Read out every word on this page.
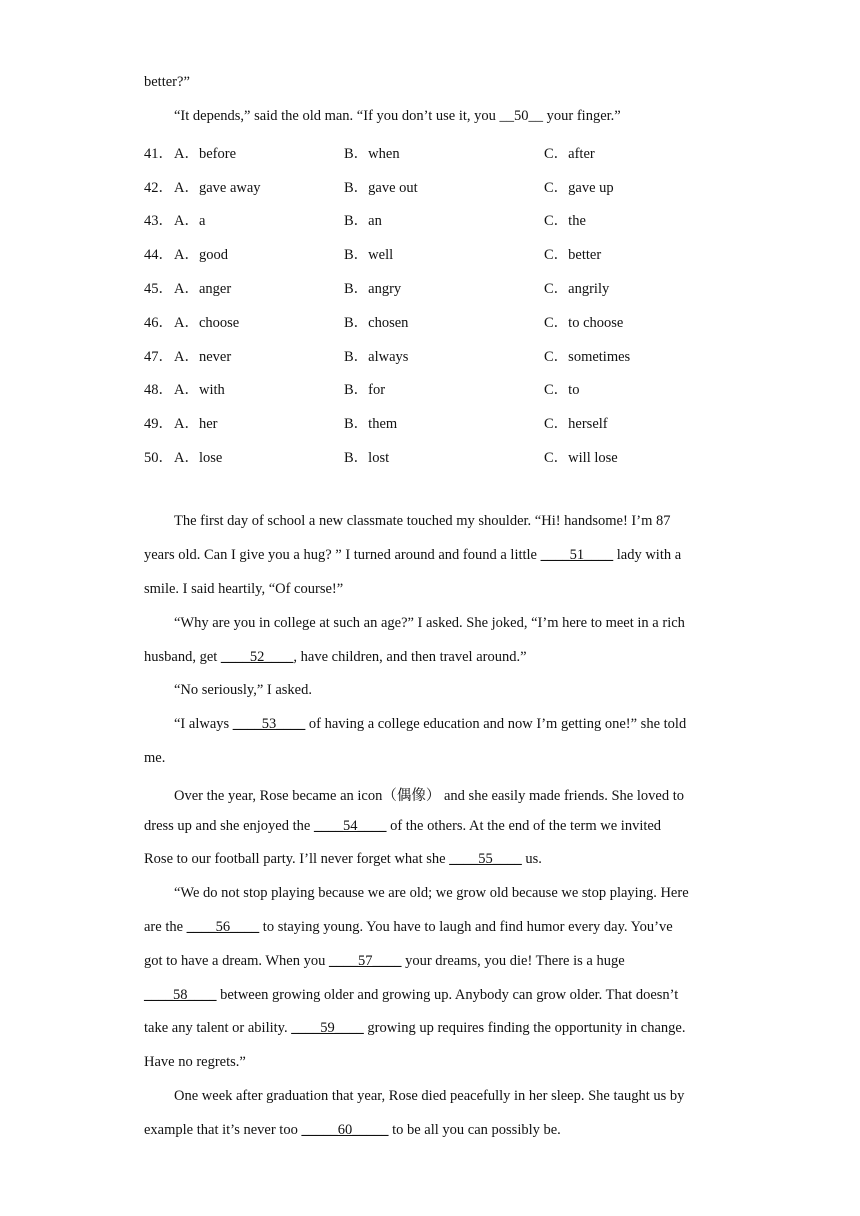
better?”
“It depends,” said the old man. “If you don’t use it, you __50__ your finger.”
41． A．before	B．when	C．after
42． A．gave away	B．gave out	C．gave up
43． A．a	B．an	C．the
44． A．good	B．well	C．better
45． A．anger	B．angry	C．angrily
46． A．choose	B．chosen	C．to choose
47． A．never	B．always	C．sometimes
48． A．with	B．for	C．to
49． A．her	B．them	C．herself
50． A．lose	B．lost	C．will lose
The first day of school a new classmate touched my shoulder. “Hi! handsome! I’m 87
years old. Can I give you a hug? ” I turned around and found a little ____51____ lady with a
smile. I said heartily, “Of course!”
“Why are you in college at such an age?” I asked. She joked, “I’m here to meet in a rich
husband, get ____52____, have children, and then travel around.”
“No seriously,” I asked.
“I always ____53____ of having a college education and now I’m getting one!” she told
me.
Over the year, Rose became an icon（偶像） and she easily made friends. She loved to
dress up and she enjoyed the ____54____ of the others. At the end of the term we invited
Rose to our football party. I’ll never forget what she ____55____ us.
“We do not stop playing because we are old; we grow old because we stop playing. Here
are the ____56____ to staying young. You have to laugh and find humor every day. You’ve
got to have a dream. When you ____57____ your dreams, you die! There is a huge
____58____ between growing older and growing up. Anybody can grow older. That doesn’t
take any talent or ability. ____59____ growing up requires finding the opportunity in change.
Have no regrets.”
One week after graduation that year, Rose died peacefully in her sleep. She taught us by
example that it’s never too _____60_____ to be all you can possibly be.
